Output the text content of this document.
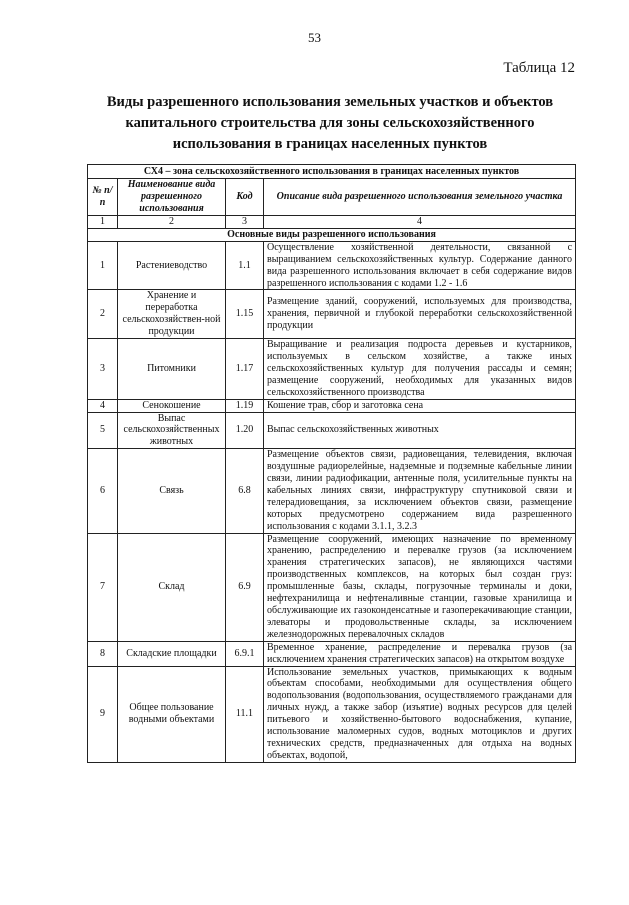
53
Таблица 12
Виды разрешенного использования земельных участков и объектов
капитального строительства для зоны сельскохозяйственного
использования в границах населенных пунктов
СХ4 – зона сельскохозяйственного использования в границах населенных пунктов			
№ п/п	Наименование вида разрешенного использования	Код	Описание вида разрешенного использования земельного участка
1	2	3	4
Основные виды разрешенного использования			
1	Растениеводство	1.1	Осуществление хозяйственной деятельности, связанной с выращиванием сельскохозяйственных культур. Содержание данного вида разрешенного использования включает в себя содержание видов разрешенного использования с кодами 1.2 - 1.6
2	Хранение и переработка сельскохозяйствен-ной продукции	1.15	Размещение зданий, сооружений, используемых для производства, хранения, первичной и глубокой переработки сельскохозяйственной продукции
3	Питомники	1.17	Выращивание и реализация подроста деревьев и кустарников, используемых в сельском хозяйстве, а также иных сельскохозяйственных культур для получения рассады и семян; размещение сооружений, необходимых для указанных видов сельскохозяйственного производства
4	Сенокошение	1.19	Кошение трав, сбор и заготовка сена
5	Выпас сельскохозяйственных животных	1.20	Выпас сельскохозяйственных животных
6	Связь	6.8	Размещение объектов связи, радиовещания, телевидения, включая воздушные радиорелейные, надземные и подземные кабельные линии связи, линии радиофикации, антенные поля, усилительные пункты на кабельных линиях связи, инфраструктуру спутниковой связи и телерадиовещания, за исключением объектов связи, размещение которых предусмотрено содержанием вида разрешенного использования с кодами 3.1.1, 3.2.3
7	Склад	6.9	Размещение сооружений, имеющих назначение по временному хранению, распределению и перевалке грузов (за исключением хранения стратегических запасов), не являющихся частями производственных комплексов, на которых был создан груз: промышленные базы, склады, погрузочные терминалы и доки, нефтехранилища и нефтеналивные станции, газовые хранилища и обслуживающие их газоконденсатные и газоперекачивающие станции, элеваторы и продовольственные склады, за исключением железнодорожных перевалочных складов
8	Складские площадки	6.9.1	Временное хранение, распределение и перевалка грузов (за исключением хранения стратегических запасов) на открытом воздухе
9	Общее пользование водными объектами	11.1	Использование земельных участков, примыкающих к водным объектам способами, необходимыми для осуществления общего водопользования (водопользования, осуществляемого гражданами для личных нужд, а также забор (изъятие) водных ресурсов для целей питьевого и хозяйственно-бытового водоснабжения, купание, использование маломерных судов, водных мотоциклов и других технических средств, предназначенных для отдыха на водных объектах, водопой,
